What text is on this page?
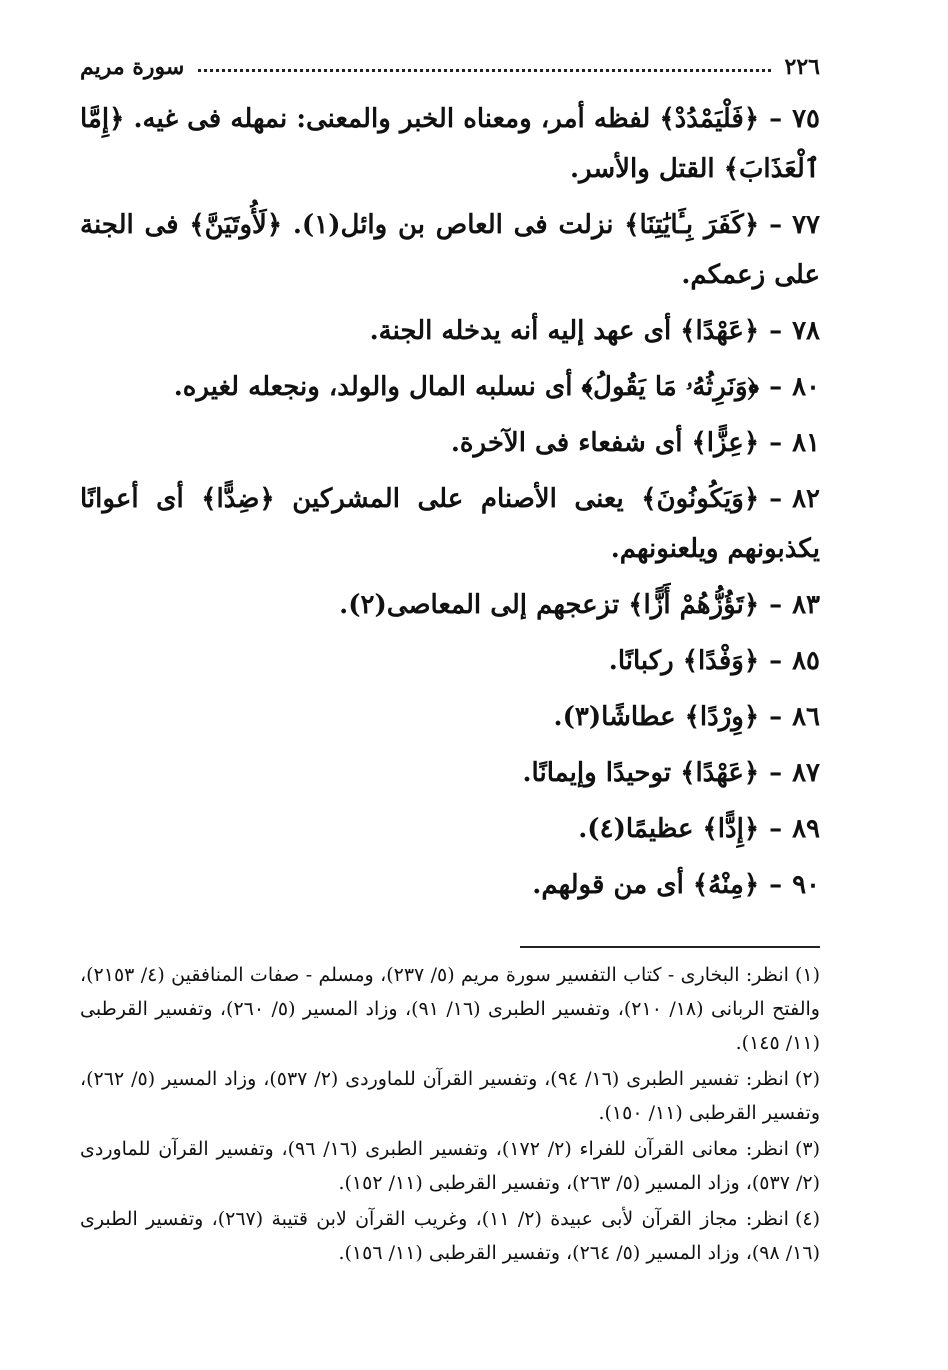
٢٢٦
سورة مريم

٧٥–﴿فَلْيَمْدُدْ﴾ لفظه أمر، ومعناه الخبر والمعنى: نمهله فى غيه. ﴿إِمَّا ٱلْعَذَابَ﴾ القتل والأسر.

٧٧–﴿كَفَرَ بِـَٔايَٰتِنَا﴾ نزلت فى العاص بن وائل(١). ﴿لَأُوتَيَنَّ﴾ فى الجنة على زعمكم.

٧٨–﴿عَهْدًا﴾ أى عهد إليه أنه يدخله الجنة.

٨٠–﴿وَنَرِثُهُۥ مَا يَقُولُ﴾ أى نسلبه المال والولد، ونجعله لغيره.

٨١–﴿عِزًّا﴾ أى شفعاء فى الآخرة.

٨٢–﴿وَيَكُونُونَ﴾ يعنى الأصنام على المشركين ﴿ضِدًّا﴾ أى أعوانًا يكذبونهم ويلعنونهم.

٨٣–﴿تَؤُزُّهُمْ أَزًّا﴾ تزعجهم إلى المعاصى(٢).

٨٥–﴿وَفْدًا﴾ ركبانًا.

٨٦–﴿وِرْدًا﴾ عطاشًا(٣).

٨٧–﴿عَهْدًا﴾ توحيدًا وإيمانًا.

٨٩–﴿إِدًّا﴾ عظيمًا(٤).

٩٠–﴿مِنْهُ﴾ أى من قولهم.

(١)انظر: البخارى - كتاب التفسير سورة مريم (٥/ ٢٣٧)، ومسلم - صفات المنافقين (٤/ ٢١٥٣)، والفتح الربانى (١٨/ ٢١٠)، وتفسير الطبرى (١٦/ ٩١)، وزاد المسير (٥/ ٢٦٠)، وتفسير القرطبى (١١/ ١٤٥).

(٢)انظر: تفسير الطبرى (١٦/ ٩٤)، وتفسير القرآن للماوردى (٢/ ٥٣٧)، وزاد المسير (٥/ ٢٦٢)، وتفسير القرطبى (١١/ ١٥٠).

(٣)انظر: معانى القرآن للفراء (٢/ ١٧٢)، وتفسير الطبرى (١٦/ ٩٦)، وتفسير القرآن للماوردى (٢/ ٥٣٧)، وزاد المسير (٥/ ٢٦٣)، وتفسير القرطبى (١١/ ١٥٢).

(٤)انظر: مجاز القرآن لأبى عبيدة (٢/ ١١)، وغريب القرآن لابن قتيبة (٢٦٧)، وتفسير الطبرى (١٦/ ٩٨)، وزاد المسير (٥/ ٢٦٤)، وتفسير القرطبى (١١/ ١٥٦).
